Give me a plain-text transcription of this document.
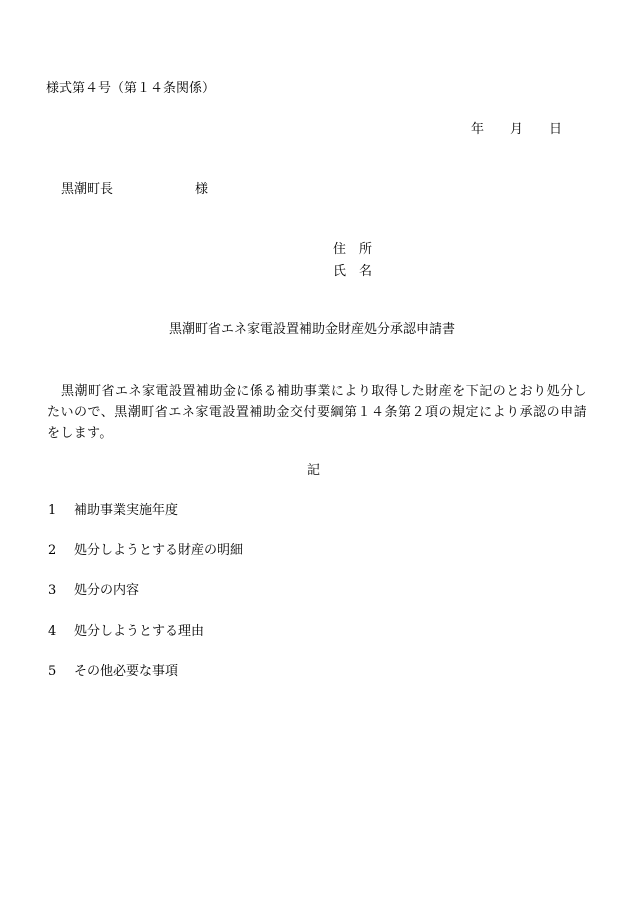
様式第４号（第１４条関係）
年 月 日
黒潮町長	様
住　所
氏　名
黒潮町省エネ家電設置補助金財産処分承認申請書
黒潮町省エネ家電設置補助金に係る補助事業により取得した財産を下記のとおり処分したいので、黒潮町省エネ家電設置補助金交付要綱第１４条第２項の規定により承認の申請をします。
記
1 補助事業実施年度
2 処分しようとする財産の明細
3 処分の内容
4 処分しようとする理由
5 その他必要な事項
